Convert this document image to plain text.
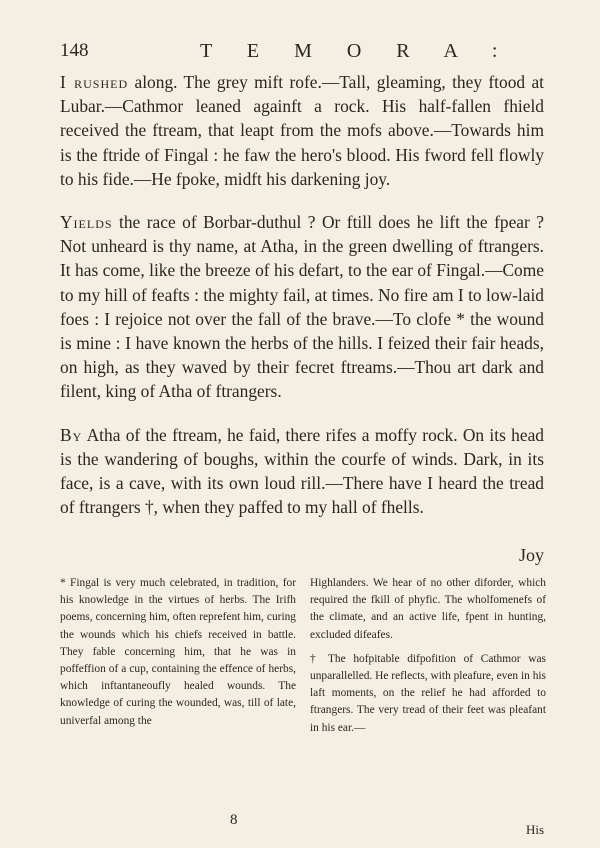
148	T E M O R A :

I rushed along. The grey mift rofe.—Tall, gleaming, they ftood at Lubar.—Cathmor leaned againft a rock. His half-fallen fhield received the ftream, that leapt from the mofs above.—Towards him is the ftride of Fingal : he faw the hero's blood. His fword fell flowly to his fide.—He fpoke, midft his darkening joy.

Yields the race of Borbar-duthul ? Or ftill does he lift the fpear ? Not unheard is thy name, at Atha, in the green dwelling of ftrangers. It has come, like the breeze of his defart, to the ear of Fingal.—Come to my hill of feafts : the mighty fail, at times. No fire am I to low-laid foes : I rejoice not over the fall of the brave.—To clofe * the wound is mine : I have known the herbs of the hills. I feized their fair heads, on high, as they waved by their fecret ftreams.—Thou art dark and filent, king of Atha of ftrangers.

By Atha of the ftream, he faid, there rifes a moffy rock. On its head is the wandering of boughs, within the courfe of winds. Dark, in its face, is a cave, with its own loud rill.—There have I heard the tread of ftrangers †, when they paffed to my hall of fhells.

Joy

* Fingal is very much celebrated, in tradition, for his knowledge in the virtues of herbs. The Irifh poems, concerning him, often reprefent him, curing the wounds which his chiefs received in battle. They fable concerning him, that he was in poffeffion of a cup, containing the effence of herbs, which inftantaneoufly healed wounds. The knowledge of curing the wounded, was, till of late, univerfal among the

Highlanders. We hear of no other diforder, which required the fkill of phyfic. The wholfomenefs of the climate, and an active life, fpent in hunting, excluded difeafes.

† The hofpitable difpofition of Cathmor was unparallelled. He reflects, with pleafure, even in his laft moments, on the relief he had afforded to ftrangers. The very tread of their feet was pleafant in his ear.—

His
8
